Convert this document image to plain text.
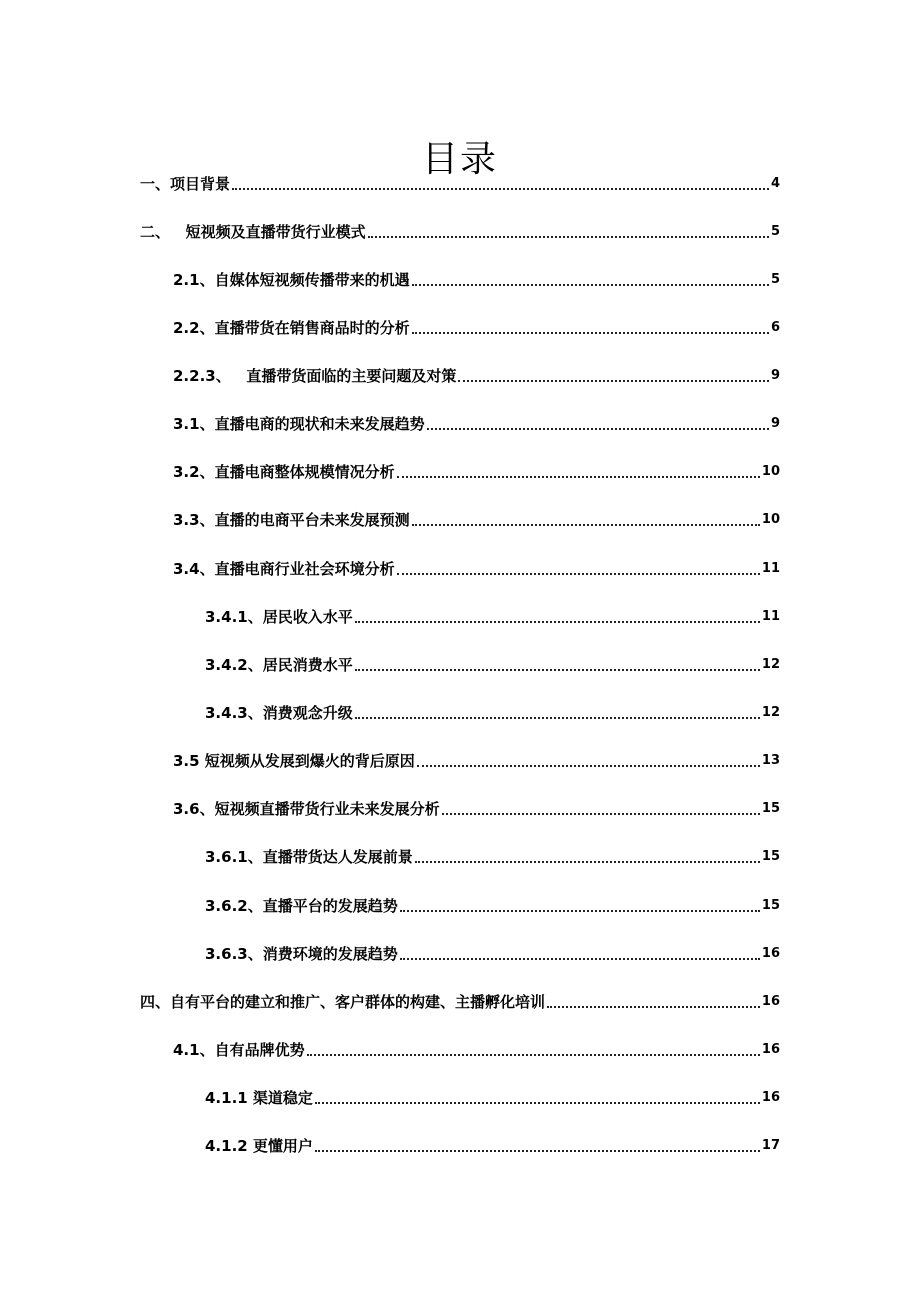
目录
一、项目背景	4
二、   短视频及直播带货行业模式	5
2.1、自媒体短视频传播带来的机遇	5
2.2、直播带货在销售商品时的分析	6
2.2.3、   直播带货面临的主要问题及对策	9
3.1、直播电商的现状和未来发展趋势	9
3.2、直播电商整体规模情况分析	10
3.3、直播的电商平台未来发展预测	10
3.4、直播电商行业社会环境分析	11
3.4.1、居民收入水平	11
3.4.2、居民消费水平	12
3.4.3、消费观念升级	12
3.5 短视频从发展到爆火的背后原因	13
3.6、短视频直播带货行业未来发展分析	15
3.6.1、直播带货达人发展前景	15
3.6.2、直播平台的发展趋势	15
3.6.3、消费环境的发展趋势	16
四、自有平台的建立和推广、客户群体的构建、主播孵化培训	16
4.1、自有品牌优势	16
4.1.1 渠道稳定	16
4.1.2 更懂用户	17
